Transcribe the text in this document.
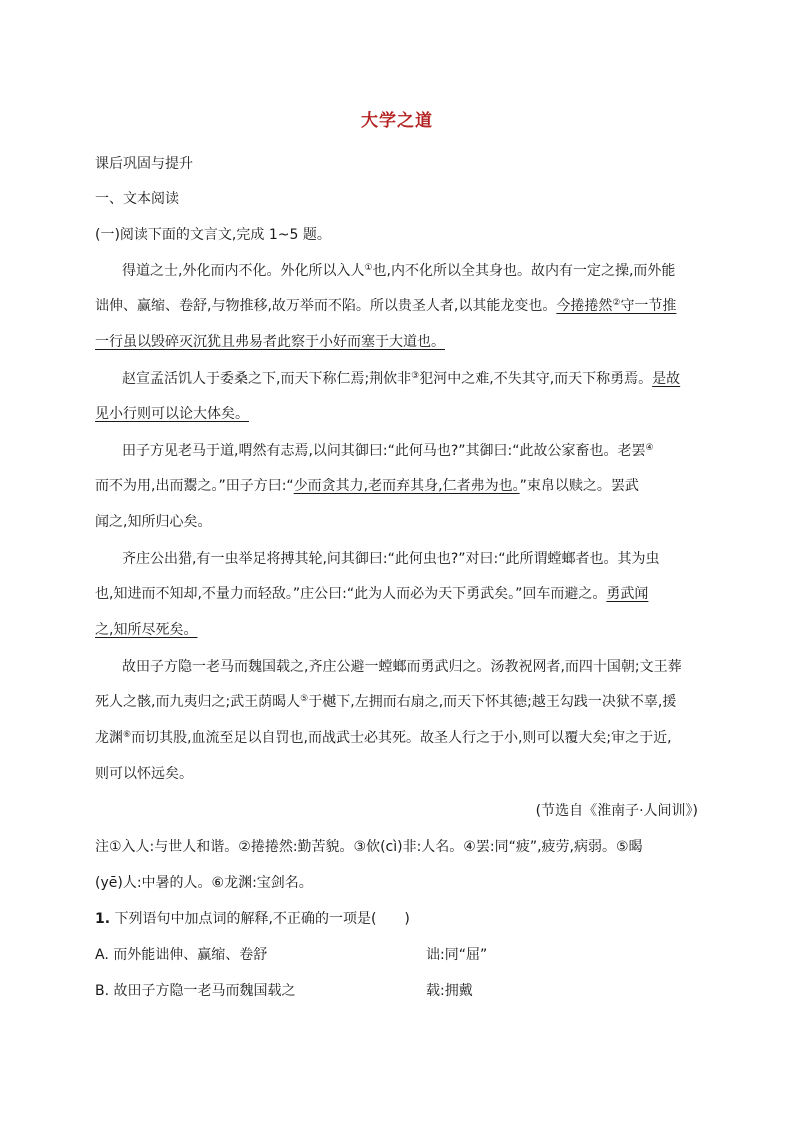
大学之道
课后巩固与提升
一、文本阅读
(一)阅读下面的文言文,完成 1~5 题。
得道之士,外化而内不化。外化所以入人①也,内不化所以全其身也。故内有一定之操,而外能
诎伸、赢缩、卷舒,与物推移,故万举而不陷。所以贵圣人者,以其能龙变也。今捲捲然②守一节推
一行虽以毁碎灭沉犹且弗易者此察于小好而塞于大道也。
赵宣孟活饥人于委桑之下,而天下称仁焉;荆佽非③犯河中之难,不失其守,而天下称勇焉。是故
见小行则可以论大体矣。
田子方见老马于道,喟然有志焉,以问其御曰:“此何马也?”其御曰:“此故公家畜也。老罢④
而不为用,出而鬻之。”田子方曰:“少而贪其力,老而弃其身,仁者弗为也。”束帛以赎之。罢武
闻之,知所归心矣。
齐庄公出猎,有一虫举足将搏其轮,问其御曰:“此何虫也?”对曰:“此所谓螳螂者也。其为虫
也,知进而不知却,不量力而轻敌。”庄公曰:“此为人而必为天下勇武矣。”回车而避之。勇武闻
之,知所尽死矣。
故田子方隐一老马而魏国载之,齐庄公避一螳螂而勇武归之。汤教祝网者,而四十国朝;文王葬
死人之骸,而九夷归之;武王荫暍人⑤于樾下,左拥而右扇之,而天下怀其德;越王勾践一决狱不辜,援
龙渊⑥而切其股,血流至足以自罚也,而战武士必其死。故圣人行之于小,则可以覆大矣;审之于近,
则可以怀远矣。
(节选自《淮南子·人间训》)
注①入人:与世人和谐。②捲捲然:勤苦貌。③佽(cì)非:人名。④罢:同“疲”,疲劳,病弱。⑤暍
(yē)人:中暑的人。⑥龙渊:宝剑名。
1. 下列语句中加点词的解释,不正确的一项是(　　)
A. 而外能诎伸、赢缩、卷舒	诎:同“屈”
B. 故田子方隐一老马而魏国载之	载:拥戴
